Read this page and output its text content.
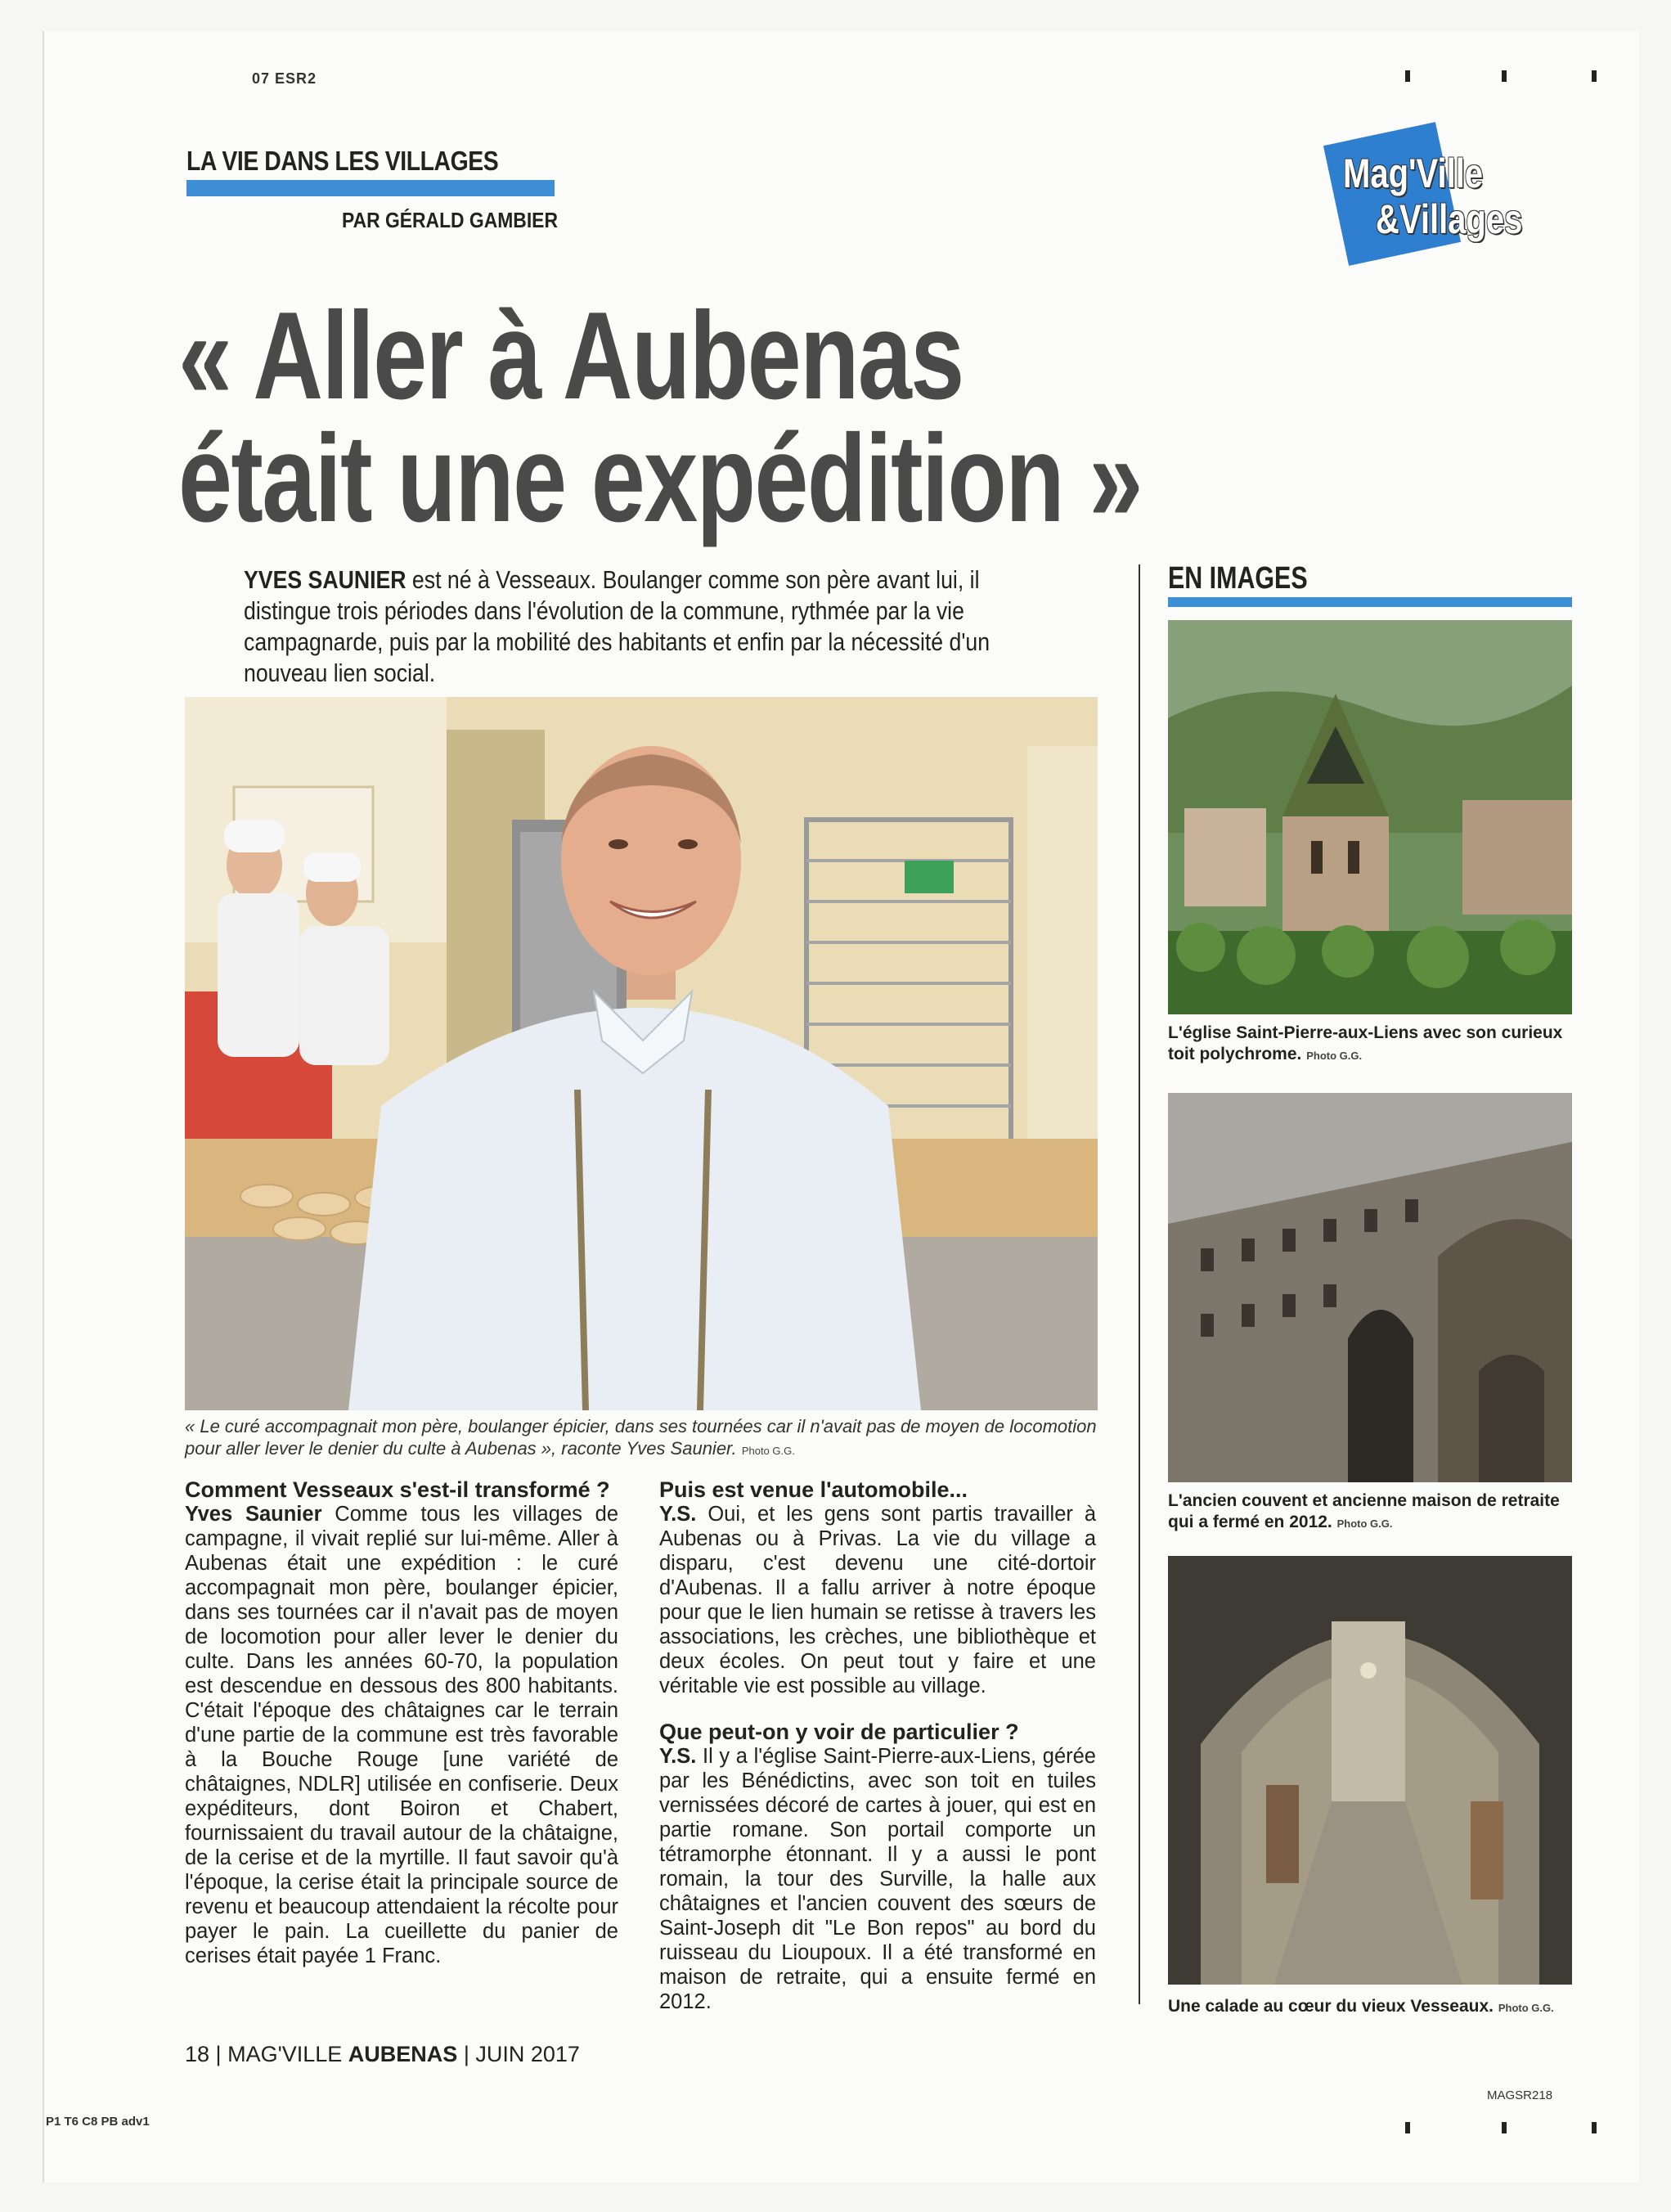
07 ESR2
LA VIE DANS LES VILLAGES
PAR GÉRALD GAMBIER
Mag'Ville
&Villages
« Aller à Aubenas
était une expédition »
YVES SAUNIER est né à Vesseaux. Boulanger comme son père avant lui, il distingue trois périodes dans l'évolution de la commune, rythmée par la vie campagnarde, puis par la mobilité des habitants et enfin par la nécessité d'un nouveau lien social.
« Le curé accompagnait mon père, boulanger épicier, dans ses tournées car il n'avait pas de moyen de locomotion pour aller lever le denier du culte à Aubenas », raconte Yves Saunier. Photo G.G.
Comment Vesseaux s'est-il transformé ?
Yves Saunier Comme tous les villages de campagne, il vivait replié sur lui-même. Aller à Aubenas était une expédition : le curé accompagnait mon père, boulanger épicier, dans ses tournées car il n'avait pas de moyen de locomotion pour aller lever le denier du culte. Dans les années 60-70, la population est descendue en dessous des 800 habitants. C'était l'époque des châtaignes car le terrain d'une partie de la commune est très favorable à la Bouche Rouge [une variété de châtaignes, NDLR] utilisée en confiserie. Deux expéditeurs, dont Boiron et Chabert, fournissaient du travail autour de la châtaigne, de la cerise et de la myrtille. Il faut savoir qu'à l'époque, la cerise était la principale source de revenu et beaucoup attendaient la récolte pour payer le pain. La cueillette du panier de cerises était payée 1 Franc.
Puis est venue l'automobile...
Y.S. Oui, et les gens sont partis travailler à Aubenas ou à Privas. La vie du village a disparu, c'est devenu une cité-dortoir d'Aubenas. Il a fallu arriver à notre époque pour que le lien humain se retisse à travers les associations, les crèches, une bibliothèque et deux écoles. On peut tout y faire et une véritable vie est possible au village.
Que peut-on y voir de particulier ?
Y.S. Il y a l'église Saint-Pierre-aux-Liens, gérée par les Bénédictins, avec son toit en tuiles vernissées décoré de cartes à jouer, qui est en partie romane. Son portail comporte un tétramorphe étonnant. Il y a aussi le pont romain, la tour des Surville, la halle aux châtaignes et l'ancien couvent des sœurs de Saint-Joseph dit "Le Bon repos" au bord du ruisseau du Lioupoux. Il a été transformé en maison de retraite, qui a ensuite fermé en 2012.
EN IMAGES
L'église Saint-Pierre-aux-Liens avec son curieux toit polychrome. Photo G.G.
L'ancien couvent et ancienne maison de retraite qui a fermé en 2012. Photo G.G.
Une calade au cœur du vieux Vesseaux. Photo G.G.
18 | MAG'VILLE AUBENAS | JUIN 2017
MAGSR218
P1 T6 C8 PB adv1
